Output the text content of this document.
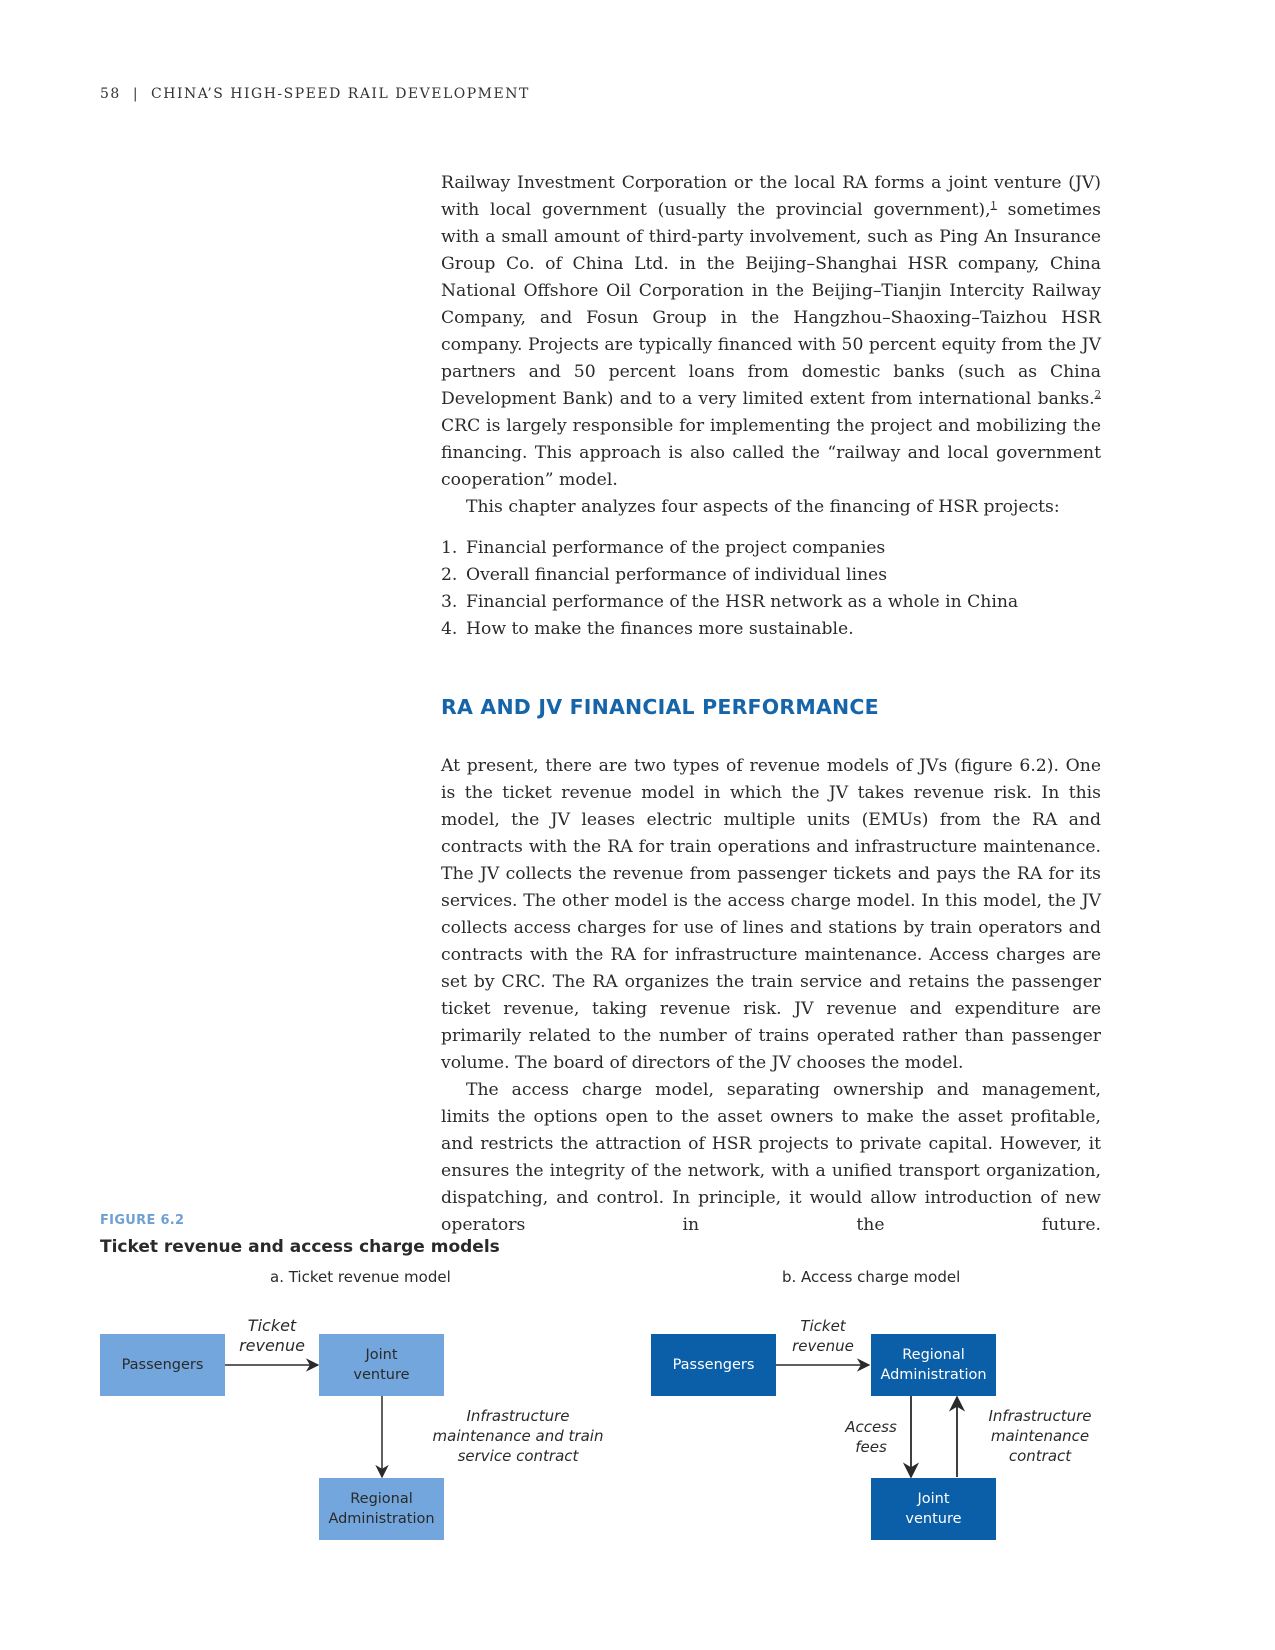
58 | CHINA’S HIGH-SPEED RAIL DEVELOPMENT

Railway Investment Corporation or the local RA forms a joint venture (JV) with local government (usually the provincial government),$^1$ sometimes with a small amount of third-party involvement, such as Ping An Insurance Group Co. of China Ltd. in the Beijing–Shanghai HSR company, China National Offshore Oil Corporation in the Beijing–Tianjin Intercity Railway Company, and Fosun Group in the Hangzhou–Shaoxing–Taizhou HSR company. Projects are typically financed with 50 percent equity from the JV partners and 50 percent loans from domestic banks (such as China Development Bank) and to a very limited extent from international banks.$^2$ CRC is largely responsible for implementing the project and mobilizing the financing. This approach is also called the “railway and local government cooperation” model.

This chapter analyzes four aspects of the financing of HSR projects:

1. Financial performance of the project companies
2. Overall financial performance of individual lines
3. Financial performance of the HSR network as a whole in China
4. How to make the finances more sustainable.
RA AND JV FINANCIAL PERFORMANCE

At present, there are two types of revenue models of JVs (figure 6.2). One is the ticket revenue model in which the JV takes revenue risk. In this model, the JV leases electric multiple units (EMUs) from the RA and contracts with the RA for train operations and infrastructure maintenance. The JV collects the revenue from passenger tickets and pays the RA for its services. The other model is the access charge model. In this model, the JV collects access charges for use of lines and stations by train operators and contracts with the RA for infrastructure maintenance. Access charges are set by CRC. The RA organizes the train service and retains the passenger ticket revenue, taking revenue risk. JV revenue and expenditure are primarily related to the number of trains operated rather than passenger volume. The board of directors of the JV chooses the model.

The access charge model, separating ownership and management, limits the options open to the asset owners to make the asset profitable, and restricts the attraction of HSR projects to private capital. However, it ensures the integrity of the network, with a unified transport organization, dispatching, and control. In principle, it would allow introduction of new operators in the future.

FIGURE 6.2
Ticket revenue and access charge models
a. Ticket revenue model
Passengers
Joint venture
Regional Administration
Ticket revenue
Infrastructure maintenance and train service contract
b. Access charge model
Passengers
Regional Administration
Joint venture
Ticket revenue
Access fees
Infrastructure maintenance contract
